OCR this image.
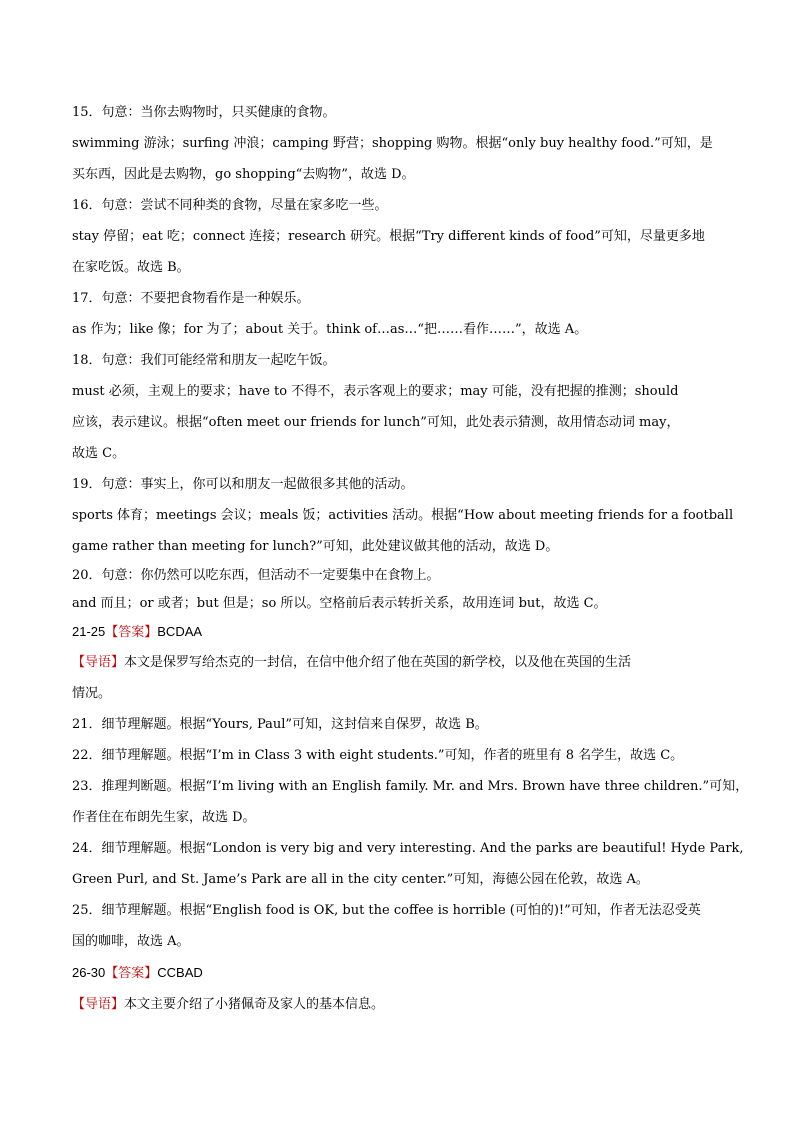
15．句意：当你去购物时，只买健康的食物。
swimming 游泳；surfing 冲浪；camping 野营；shopping 购物。根据“only buy healthy food.”可知，是
买东西，因此是去购物，go shopping“去购物”，故选 D。
16．句意：尝试不同种类的食物，尽量在家多吃一些。
stay 停留；eat 吃；connect 连接；research 研究。根据“Try different kinds of food”可知，尽量更多地
在家吃饭。故选 B。
17．句意：不要把食物看作是一种娱乐。
as 作为；like 像；for 为了；about 关于。think of…as…“把……看作……”，故选 A。
18．句意：我们可能经常和朋友一起吃午饭。
must 必须，主观上的要求；have to 不得不，表示客观上的要求；may 可能，没有把握的推测；should
应该，表示建议。根据“often meet our friends for lunch”可知，此处表示猜测，故用情态动词 may，
故选 C。
19．句意：事实上，你可以和朋友一起做很多其他的活动。
sports 体育；meetings 会议；meals 饭；activities 活动。根据“How about meeting friends for a football
game rather than meeting for lunch?”可知，此处建议做其他的活动，故选 D。
20．句意：你仍然可以吃东西，但活动不一定要集中在食物上。
and 而且；or 或者；but 但是；so 所以。空格前后表示转折关系，故用连词 but，故选 C。
21-25【答案】BCDAA
【导语】本文是保罗写给杰克的一封信，在信中他介绍了他在英国的新学校，以及他在英国的生活
情况。
21．细节理解题。根据“Yours, Paul”可知，这封信来自保罗，故选 B。
22．细节理解题。根据“I’m in Class 3 with eight students.”可知，作者的班里有 8 名学生，故选 C。
23．推理判断题。根据“I’m living with an English family. Mr. and Mrs. Brown have three children.”可知，
作者住在布朗先生家，故选 D。
24．细节理解题。根据“London is very big and very interesting. And the parks are beautiful! Hyde Park,
Green Purl, and St. Jame’s Park are all in the city center.”可知，海德公园在伦敦，故选 A。
25．细节理解题。根据“English food is OK, but the coffee is horrible (可怕的)!”可知，作者无法忍受英
国的咖啡，故选 A。
26-30【答案】CCBAD
【导语】本文主要介绍了小猪佩奇及家人的基本信息。
